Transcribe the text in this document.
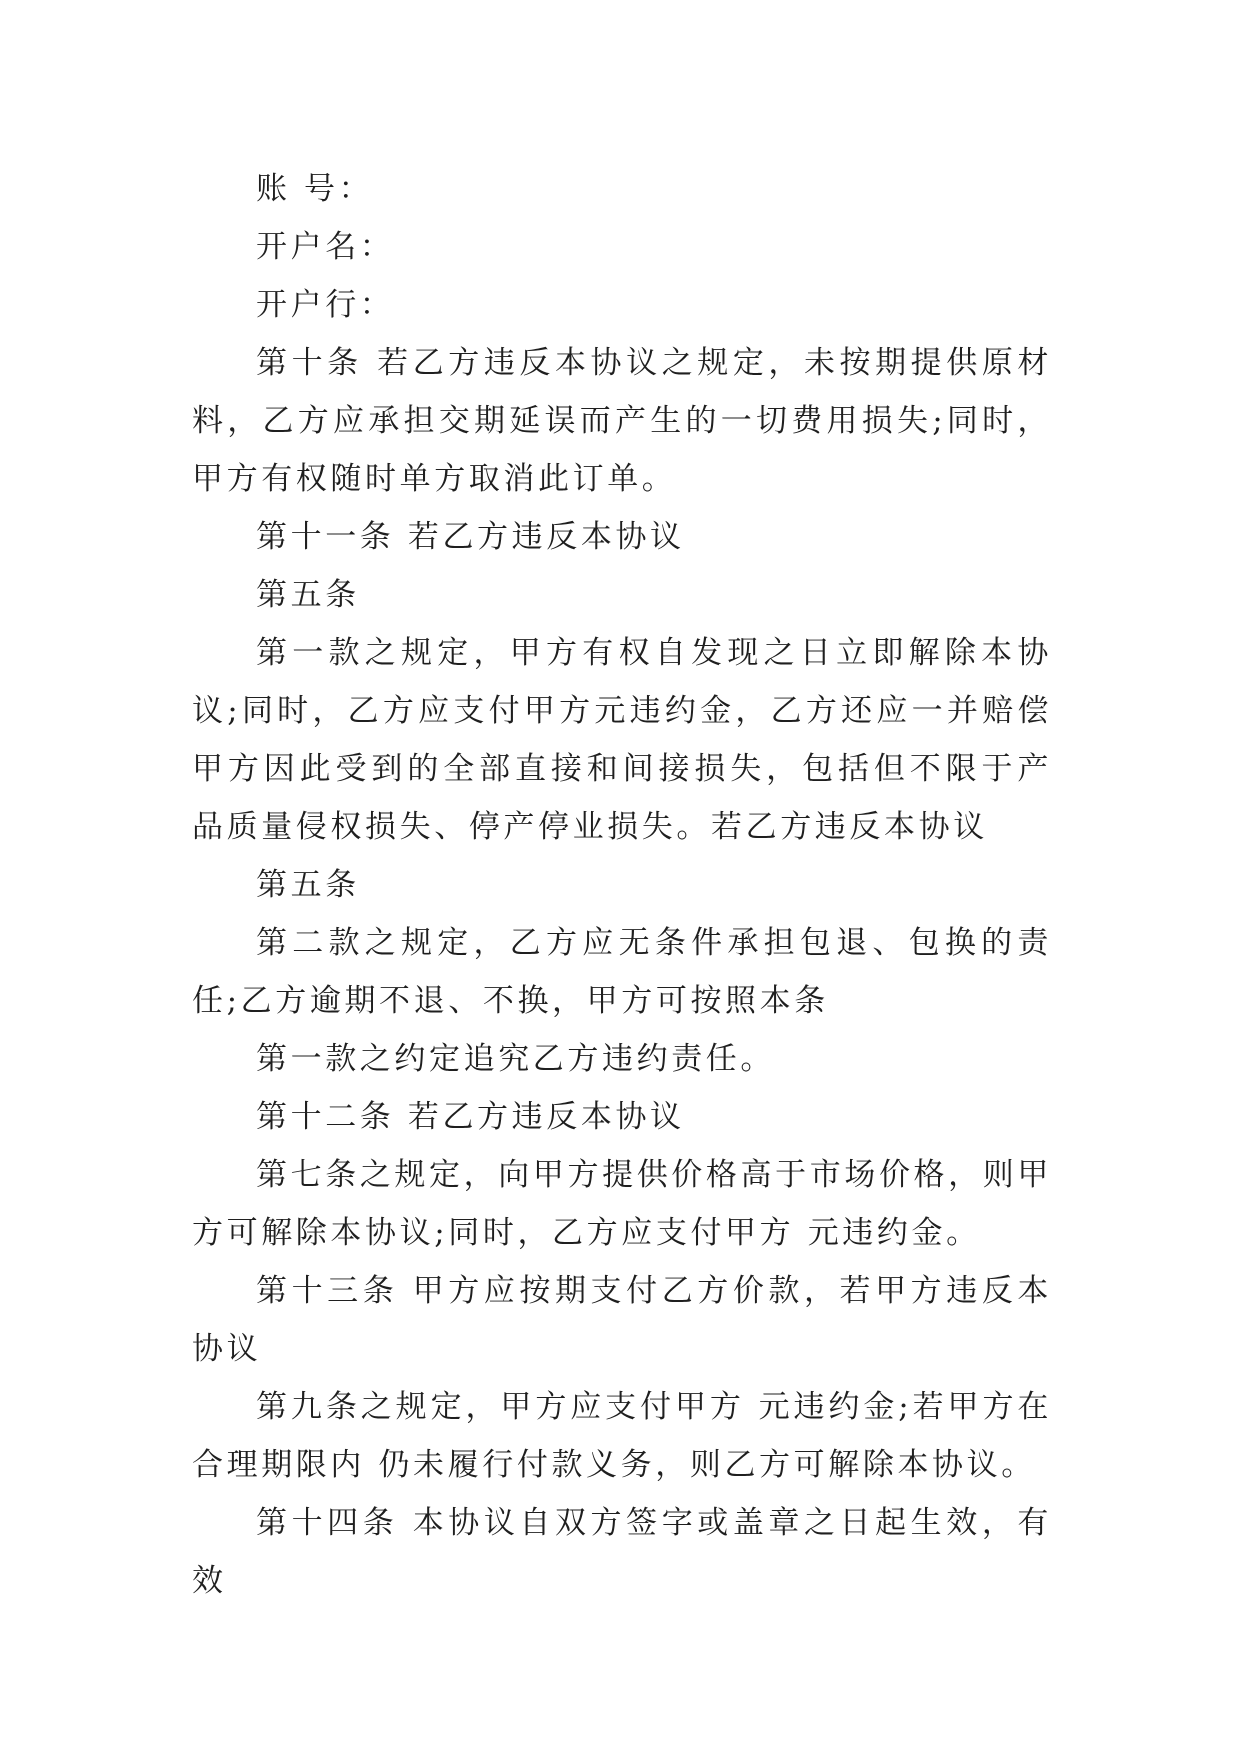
账 号：

开户名：

开户行：

第十条 若乙方违反本协议之规定，未按期提供原材料，乙方应承担交期延误而产生的一切费用损失;同时，甲方有权随时单方取消此订单。

第十一条 若乙方违反本协议

第五条

第一款之规定，甲方有权自发现之日立即解除本协议;同时，乙方应支付甲方元违约金，乙方还应一并赔偿甲方因此受到的全部直接和间接损失，包括但不限于产品质量侵权损失、停产停业损失。若乙方违反本协议

第五条

第二款之规定，乙方应无条件承担包退、包换的责任;乙方逾期不退、不换，甲方可按照本条

第一款之约定追究乙方违约责任。

第十二条 若乙方违反本协议

第七条之规定，向甲方提供价格高于市场价格，则甲方可解除本协议;同时，乙方应支付甲方 元违约金。

第十三条 甲方应按期支付乙方价款，若甲方违反本协议

第九条之规定，甲方应支付甲方 元违约金;若甲方在合理期限内 仍未履行付款义务，则乙方可解除本协议。

第十四条 本协议自双方签字或盖章之日起生效，有效
